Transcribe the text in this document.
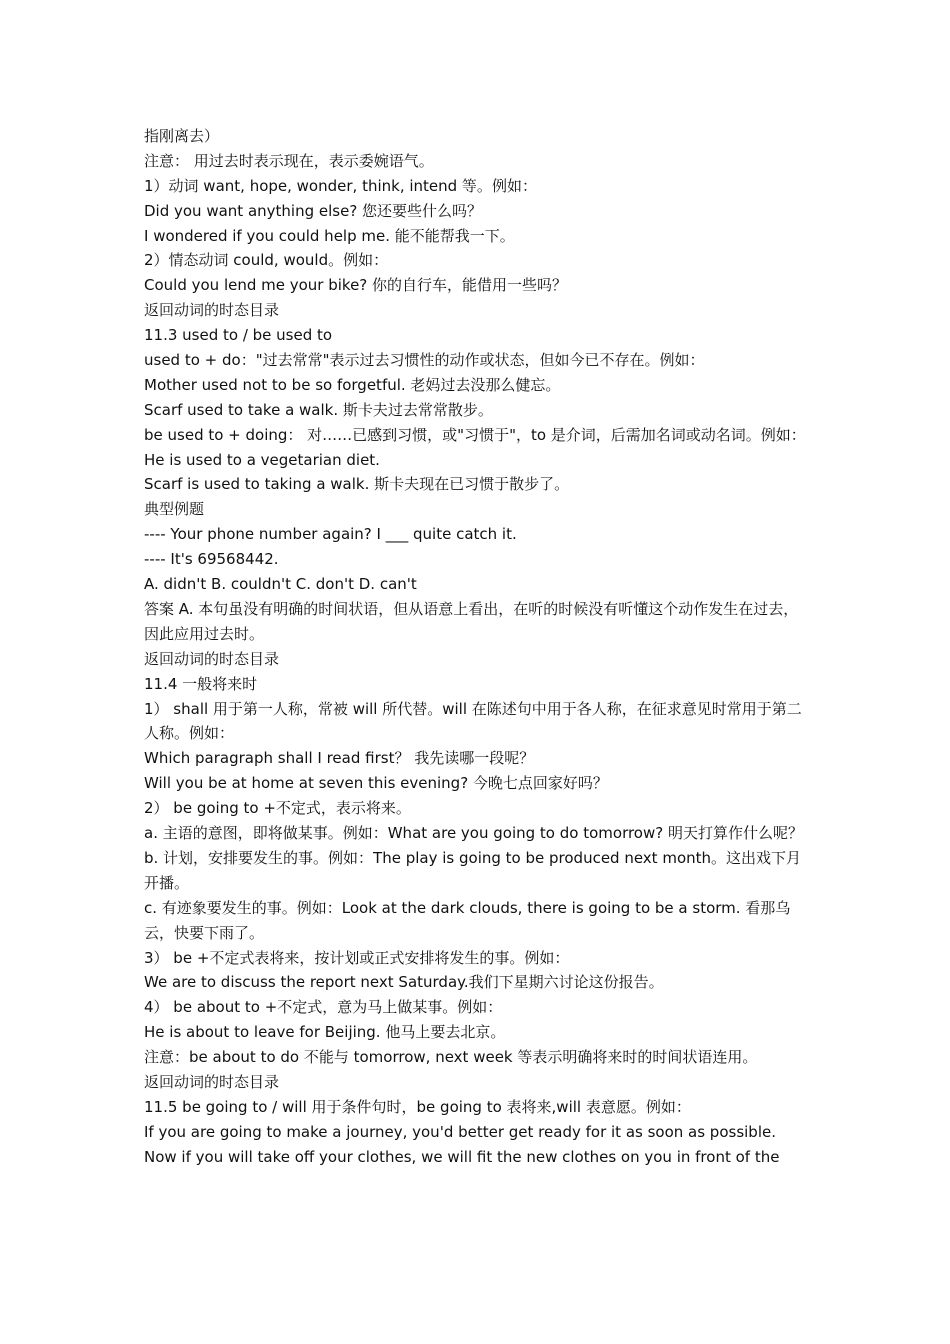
指刚离去）

注意： 用过去时表示现在，表示委婉语气。

1）动词 want, hope, wonder, think, intend 等。例如：

Did you want anything else? 您还要些什么吗？

I wondered if you could help me. 能不能帮我一下。

2）情态动词 could, would。例如：

Could you lend me your bike? 你的自行车，能借用一些吗？

返回动词的时态目录

11.3 used to / be used to

used to + do："过去常常"表示过去习惯性的动作或状态，但如今已不存在。例如：

Mother used not to be so forgetful. 老妈过去没那么健忘。

Scarf used to take a walk. 斯卡夫过去常常散步。

be used to + doing： 对……已感到习惯，或"习惯于"，to 是介词，后需加名词或动名词。例如：

He is used to a vegetarian diet.

Scarf is used to taking a walk. 斯卡夫现在已习惯于散步了。

典型例题

---- Your phone number again? I ___ quite catch it.

---- It's 69568442.

A. didn't B. couldn't C. don't D. can't

答案 A. 本句虽没有明确的时间状语，但从语意上看出，在听的时候没有听懂这个动作发生在过去，因此应用过去时。

返回动词的时态目录

11.4 一般将来时

1） shall 用于第一人称，常被 will 所代替。will 在陈述句中用于各人称，在征求意见时常用于第二人称。例如：

Which paragraph shall I read first？ 我先读哪一段呢？

Will you be at home at seven this evening? 今晚七点回家好吗？

2） be going to +不定式，表示将来。

a. 主语的意图，即将做某事。例如：What are you going to do tomorrow? 明天打算作什么呢？

b. 计划，安排要发生的事。例如：The play is going to be produced next month。这出戏下月开播。

c. 有迹象要发生的事。例如：Look at the dark clouds, there is going to be a storm. 看那乌云，快要下雨了。

3） be +不定式表将来，按计划或正式安排将发生的事。例如：

We are to discuss the report next Saturday.我们下星期六讨论这份报告。

4） be about to +不定式，意为马上做某事。例如：

He is about to leave for Beijing. 他马上要去北京。

注意：be about to do 不能与 tomorrow, next week 等表示明确将来时的时间状语连用。

返回动词的时态目录

11.5 be going to / will 用于条件句时，be going to 表将来,will 表意愿。例如：

If you are going to make a journey, you'd better get ready for it as soon as possible.

Now if you will take off your clothes, we will fit the new clothes on you in front of the
